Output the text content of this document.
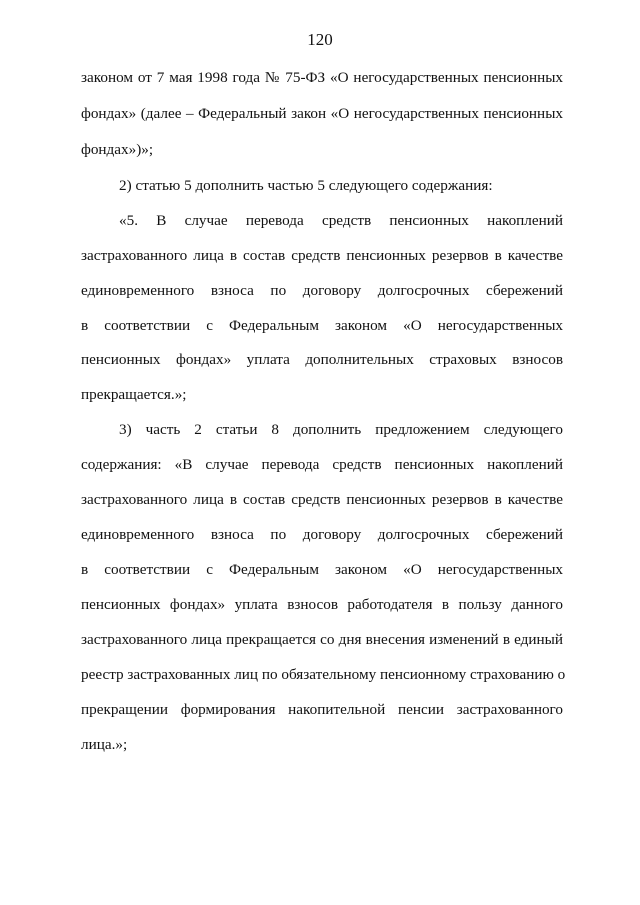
120
законом от 7 мая 1998 года № 75-ФЗ «О негосударственных пенсионных
фондах» (далее – Федеральный закон «О негосударственных пенсионных
фондах»)»;
2) статью 5 дополнить частью 5 следующего содержания:
«5. В случае перевода средств пенсионных накоплений
застрахованного лица в состав средств пенсионных резервов в качестве
единовременного взноса по договору долгосрочных сбережений
в соответствии с Федеральным законом «О негосударственных
пенсионных фондах» уплата дополнительных страховых взносов
прекращается.»;
3) часть 2 статьи 8 дополнить предложением следующего
содержания: «В случае перевода средств пенсионных накоплений
застрахованного лица в состав средств пенсионных резервов в качестве
единовременного взноса по договору долгосрочных сбережений
в соответствии с Федеральным законом «О негосударственных
пенсионных фондах» уплата взносов работодателя в пользу данного
застрахованного лица прекращается со дня внесения изменений в единый
реестр застрахованных лиц по обязательному пенсионному страхованию о
прекращении формирования накопительной пенсии застрахованного
лица.»;
